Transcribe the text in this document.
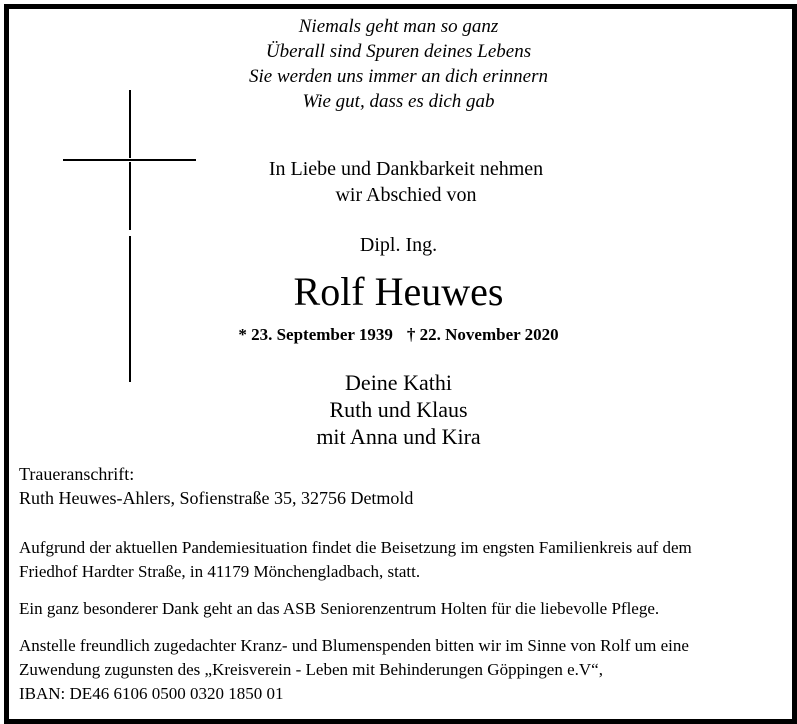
Niemals geht man so ganz
Überall sind Spuren deines Lebens
Sie werden uns immer an dich erinnern
Wie gut, dass es dich gab
In Liebe und Dankbarkeit nehmen
wir Abschied von
Dipl. Ing.
Rolf Heuwes
* 23. September 1939 † 22. November 2020
Deine Kathi
Ruth und Klaus
mit Anna und Kira
Traueranschrift:
Ruth Heuwes-Ahlers, Sofienstraße 35, 32756 Detmold
Aufgrund der aktuellen Pandemiesituation findet die Beisetzung im engsten Familienkreis auf dem
Friedhof Hardter Straße, in 41179 Mönchengladbach, statt.
Ein ganz besonderer Dank geht an das ASB Seniorenzentrum Holten für die liebevolle Pflege.
Anstelle freundlich zugedachter Kranz- und Blumenspenden bitten wir im Sinne von Rolf um eine
Zuwendung zugunsten des „Kreisverein - Leben mit Behinderungen Göppingen e.V“,
IBAN: DE46 6106 0500 0320 1850 01
